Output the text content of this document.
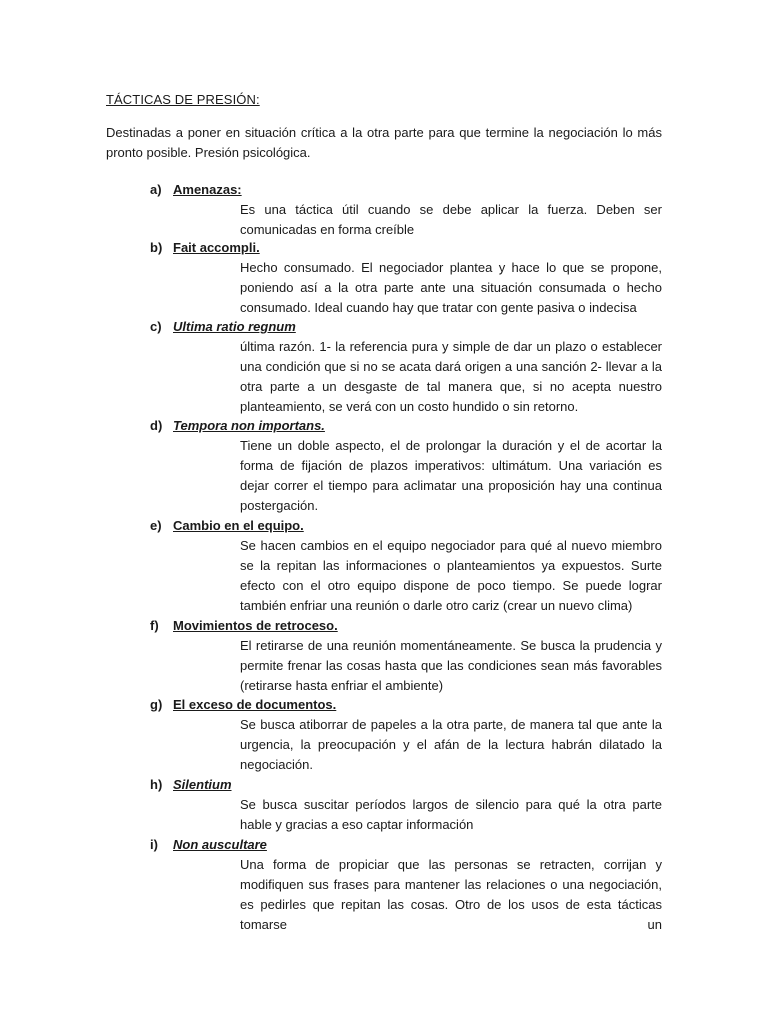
TÁCTICAS DE PRESIÓN:
Destinadas a poner en situación crítica a la otra parte para que termine la negociación lo más pronto posible. Presión psicológica.
a) Amenazas:
Es una táctica útil cuando se debe aplicar la fuerza. Deben ser comunicadas en forma creíble
b) Fait accompli.
Hecho consumado. El negociador plantea y hace lo que se propone, poniendo así a la otra parte ante una situación consumada o hecho consumado. Ideal cuando hay que tratar con gente pasiva o indecisa
c) Ultima ratio regnum
última razón. 1- la referencia pura y simple de dar un plazo o establecer una condición que si no se acata dará origen a una sanción 2- llevar a la otra parte a un desgaste de tal manera que, si no acepta nuestro planteamiento, se verá con un costo hundido o sin retorno.
d) Tempora non importans.
Tiene un doble aspecto, el de prolongar la duración y el de acortar la forma de fijación de plazos imperativos: ultimátum. Una variación es dejar correr el tiempo para aclimatar una proposición hay una continua postergación.
e) Cambio en el equipo.
Se hacen cambios en el equipo negociador para qué al nuevo miembro se la repitan las informaciones o planteamientos ya expuestos. Surte efecto con el otro equipo dispone de poco tiempo. Se puede lograr también enfriar una reunión o darle otro cariz (crear un nuevo clima)
f) Movimientos de retroceso.
El retirarse de una reunión momentáneamente. Se busca la prudencia y permite frenar las cosas hasta que las condiciones sean más favorables (retirarse hasta enfriar el ambiente)
g) El exceso de documentos.
Se busca atiborrar de papeles a la otra parte, de manera tal que ante la urgencia, la preocupación y el afán de la lectura habrán dilatado la negociación.
h) Silentium
Se busca suscitar períodos largos de silencio para qué la otra parte hable y gracias a eso captar información
i) Non auscultare
Una forma de propiciar que las personas se retracten, corrijan y modifiquen sus frases para mantener las relaciones o una negociación, es pedirles que repitan las cosas. Otro de los usos de esta tácticas tomarse un
